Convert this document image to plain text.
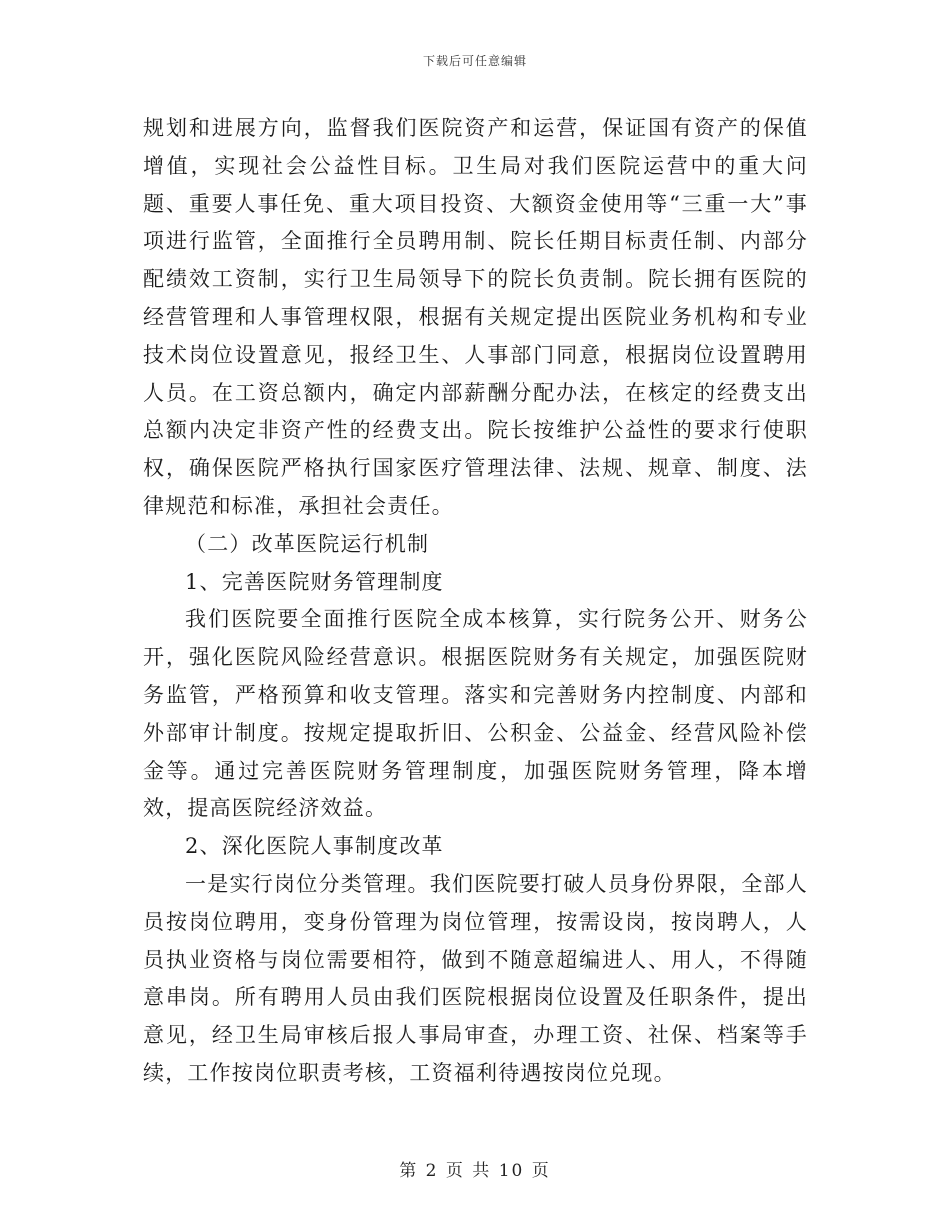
下载后可任意编辑

规划和进展方向，监督我们医院资产和运营，保证国有资产的保值增值，实现社会公益性目标。卫生局对我们医院运营中的重大问题、重要人事任免、重大项目投资、大额资金使用等“三重一大”事项进行监管，全面推行全员聘用制、院长任期目标责任制、内部分配绩效工资制，实行卫生局领导下的院长负责制。院长拥有医院的经营管理和人事管理权限，根据有关规定提出医院业务机构和专业技术岗位设置意见，报经卫生、人事部门同意，根据岗位设置聘用人员。在工资总额内，确定内部薪酬分配办法，在核定的经费支出总额内决定非资产性的经费支出。院长按维护公益性的要求行使职权，确保医院严格执行国家医疗管理法律、法规、规章、制度、法律规范和标准，承担社会责任。

（二）改革医院运行机制

1、完善医院财务管理制度

我们医院要全面推行医院全成本核算，实行院务公开、财务公开，强化医院风险经营意识。根据医院财务有关规定，加强医院财务监管，严格预算和收支管理。落实和完善财务内控制度、内部和外部审计制度。按规定提取折旧、公积金、公益金、经营风险补偿金等。通过完善医院财务管理制度，加强医院财务管理，降本增效，提高医院经济效益。

2、深化医院人事制度改革

一是实行岗位分类管理。我们医院要打破人员身份界限，全部人员按岗位聘用，变身份管理为岗位管理，按需设岗，按岗聘人，人员执业资格与岗位需要相符，做到不随意超编进人、用人，不得随意串岗。所有聘用人员由我们医院根据岗位设置及任职条件，提出意见，经卫生局审核后报人事局审查，办理工资、社保、档案等手续，工作按岗位职责考核，工资福利待遇按岗位兑现。

第 2 页 共 10 页
